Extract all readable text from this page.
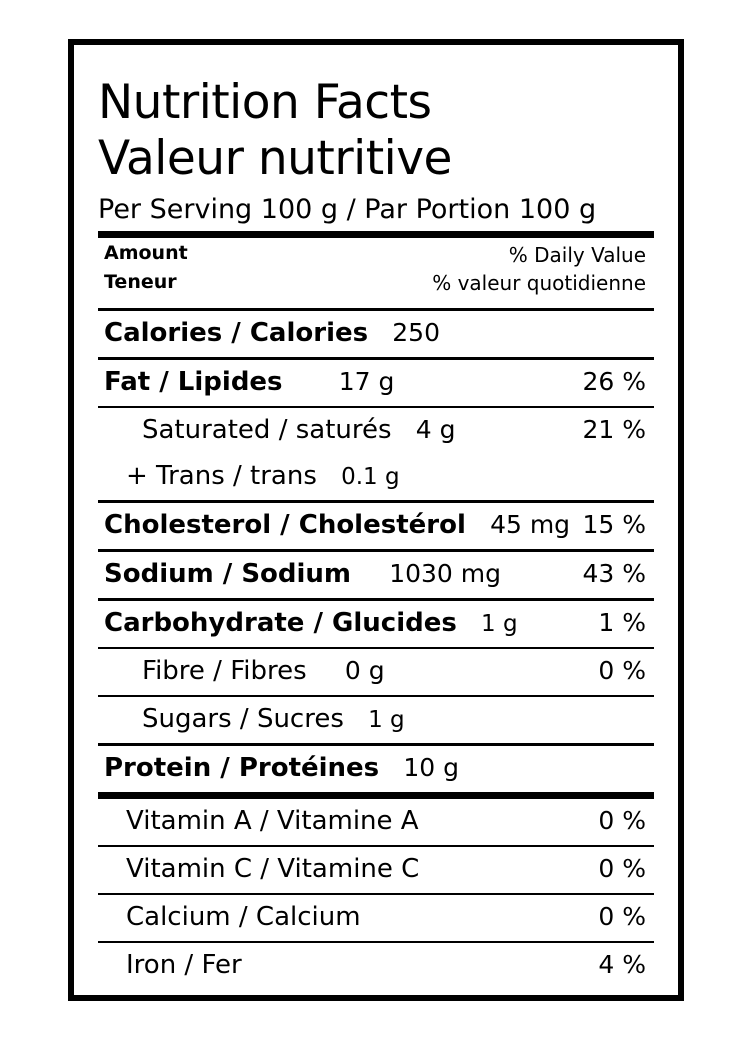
Nutrition Facts
Valeur nutritive
Per Serving 100 g / Par Portion 100 g
Amount
Teneur
% Daily Value
% valeur quotidienne
Calories / Calories 250
Fat / Lipides 17 g	26 %
Saturated / saturés 4 g	21 %
+ Trans / trans 0.1 g
Cholesterol / Cholestérol 45 mg 15 %
Sodium / Sodium 1030 mg	43 %
Carbohydrate / Glucides 1 g	1 %
Fibre / Fibres 0 g	0 %
Sugars / Sucres 1 g
Protein / Protéines 10 g
Vitamin A / Vitamine A	0 %
Vitamin C / Vitamine C	0 %
Calcium / Calcium	0 %
Iron / Fer	4 %
